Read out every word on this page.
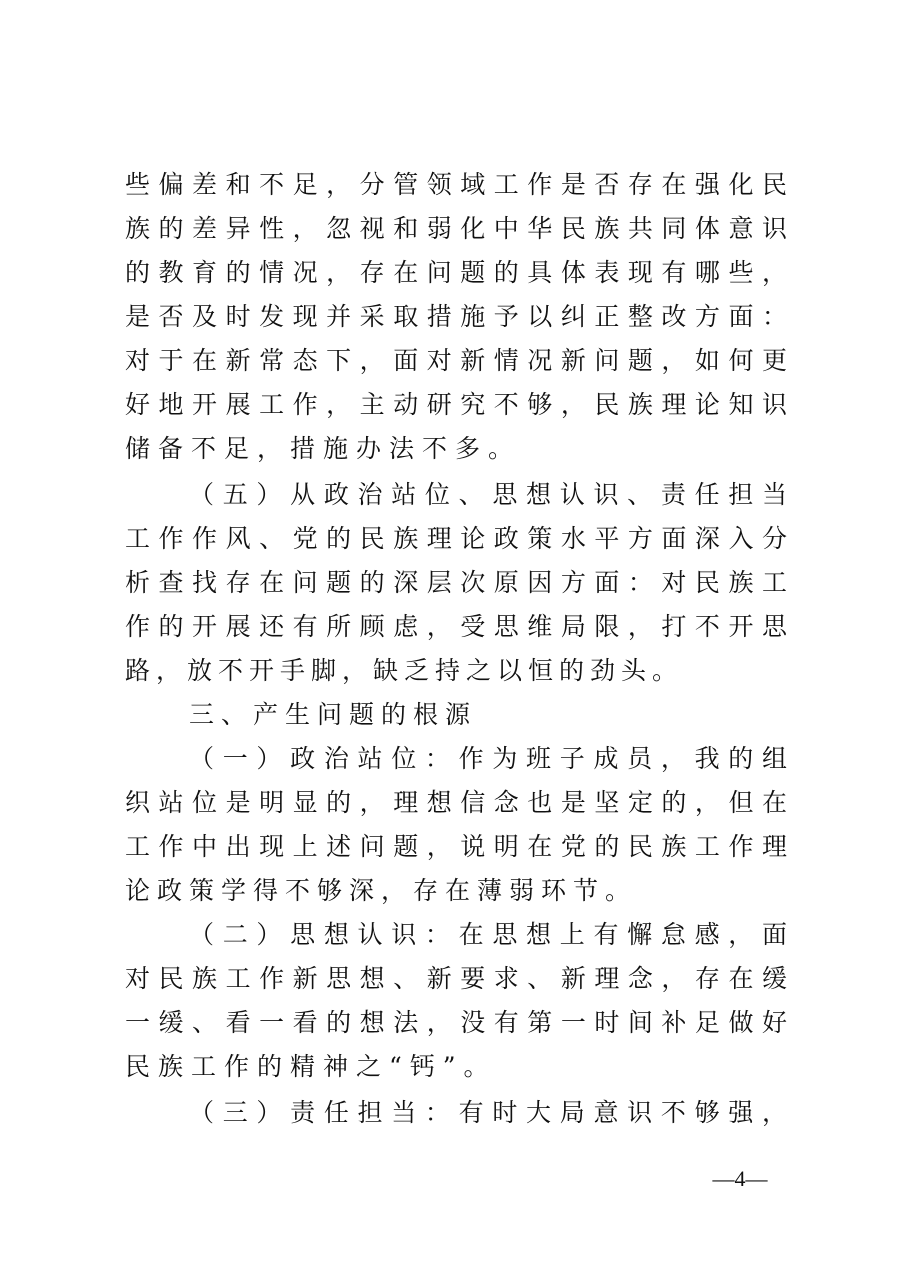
些偏差和不足，分管领域工作是否存在强化民
族的差异性，忽视和弱化中华民族共同体意识
的教育的情况，存在问题的具体表现有哪些，
是否及时发现并采取措施予以纠正整改方面：
对于在新常态下，面对新情况新问题，如何更
好地开展工作，主动研究不够，民族理论知识
储备不足，措施办法不多。
（五）从政治站位、思想认识、责任担当
工作作风、党的民族理论政策水平方面深入分
析查找存在问题的深层次原因方面：对民族工
作的开展还有所顾虑，受思维局限，打不开思
路，放不开手脚，缺乏持之以恒的劲头。
三、产生问题的根源
（一）政治站位：作为班子成员，我的组
织站位是明显的，理想信念也是坚定的，但在
工作中出现上述问题，说明在党的民族工作理
论政策学得不够深，存在薄弱环节。
（二）思想认识：在思想上有懈怠感，面
对民族工作新思想、新要求、新理念，存在缓
一缓、看一看的想法，没有第一时间补足做好
民族工作的精神之“钙”。
（三）责任担当：有时大局意识不够强，
—4—
